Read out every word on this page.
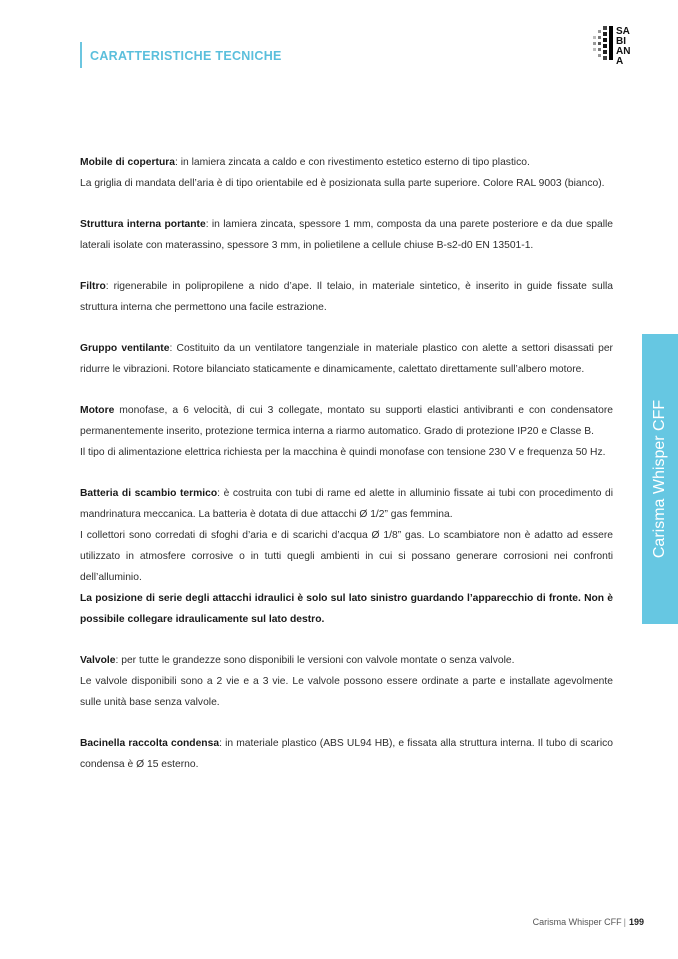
CARATTERISTICHE TECNICHE
SA
BI
AN
A

Mobile di copertura: in lamiera zincata a caldo e con rivestimento estetico esterno di tipo plastico.

La griglia di mandata dell’aria è di tipo orientabile ed è posizionata sulla parte superiore. Colore RAL 9003 (bianco).

Struttura interna portante: in lamiera zincata, spessore 1 mm, composta da una parete posteriore e da due spalle laterali isolate con materassino, spessore 3 mm, in polietilene a cellule chiuse B-s2-d0 EN 13501-1.

Filtro: rigenerabile in polipropilene a nido d’ape. Il telaio, in materiale sintetico, è inserito in guide fissate sulla struttura interna che permettono una facile estrazione.

Gruppo ventilante: Costituito da un ventilatore tangenziale in materiale plastico con alette a settori disassati per ridurre le vibrazioni. Rotore bilanciato staticamente e dinamicamente, calettato direttamente sull’albero motore.

Motore monofase, a 6 velocità, di cui 3 collegate, montato su supporti elastici antivibranti e con condensatore permanentemente inserito, protezione termica interna a riarmo automatico. Grado di protezione IP20 e Classe B.

Il tipo di alimentazione elettrica richiesta per la macchina è quindi monofase con tensione 230 V e frequenza 50 Hz.

Batteria di scambio termico: è costruita con tubi di rame ed alette in alluminio fissate ai tubi con procedimento di mandrinatura meccanica. La batteria è dotata di due attacchi Ø 1/2” gas femmina.

I collettori sono corredati di sfoghi d’aria e di scarichi d’acqua Ø 1/8” gas. Lo scambiatore non è adatto ad essere utilizzato in atmosfere corrosive o in tutti quegli ambienti in cui si possano generare corrosioni nei confronti dell’alluminio.

La posizione di serie degli attacchi idraulici è solo sul lato sinistro guardando l’apparecchio di fronte. Non è possibile collegare idraulicamente sul lato destro.

Valvole: per tutte le grandezze sono disponibili le versioni con valvole montate o senza valvole.

Le valvole disponibili sono a 2 vie e a 3 vie. Le valvole possono essere ordinate a parte e installate agevolmente sulle unità base senza valvole.

Bacinella raccolta condensa: in materiale plastico (ABS UL94 HB), e fissata alla struttura interna. Il tubo di scarico condensa è Ø 15 esterno.

Carisma Whisper CFF
Carisma Whisper CFF | 199
